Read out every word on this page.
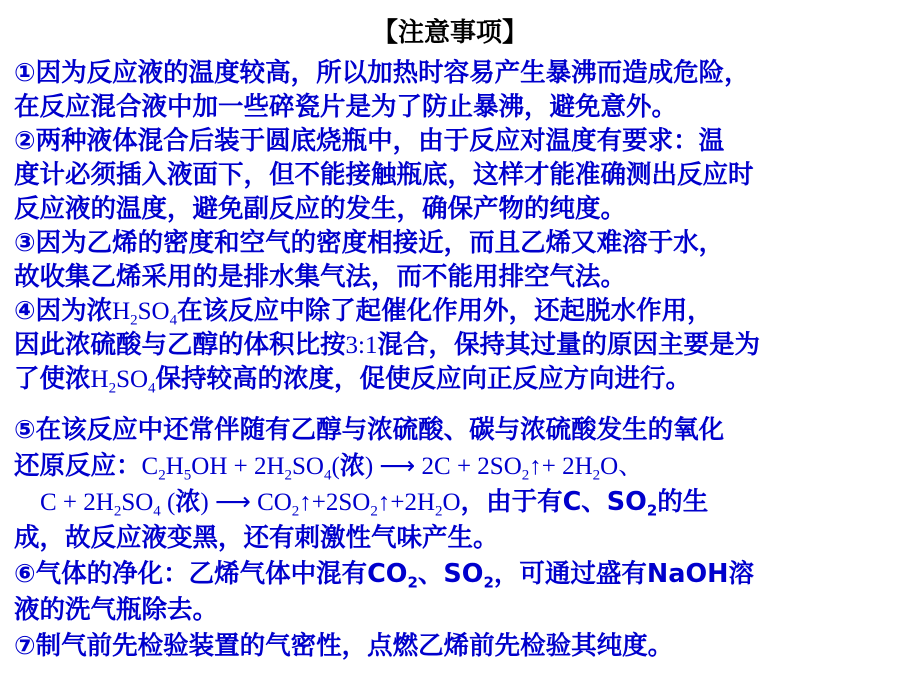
【注意事项】
①因为反应液的温度较高，所以加热时容易产生暴沸而造成危险，
在反应混合液中加一些碎瓷片是为了防止暴沸，避免意外。
②两种液体混合后装于圆底烧瓶中，由于反应对温度有要求：温
度计必须插入液面下，但不能接触瓶底，这样才能准确测出反应时
反应液的温度，避免副反应的发生，确保产物的纯度。
③因为乙烯的密度和空气的密度相接近，而且乙烯又难溶于水，
故收集乙烯采用的是排水集气法，而不能用排空气法。
④因为浓$H_2SO_4$在该反应中除了起催化作用外，还起脱水作用，
因此浓硫酸与乙醇的体积比按3:1混合，保持其过量的原因主要是为
了使浓$H_2SO_4$保持较高的浓度，促使反应向正反应方向进行。
⑤在该反应中还常伴随有乙醇与浓硫酸、碳与浓硫酸发生的氧化
还原反应：$C_2H_5OH + 2H_2SO_4$(浓) ⟶ $2C + 2SO_2↑+ 2H_2O$、
$C + 2H_2SO_4$ (浓) ⟶ $CO_2↑+2SO_2↑+2H_2O$，由于有C、$SO_2$的生
成，故反应液变黑，还有刺激性气味产生。
⑥气体的净化：乙烯气体中混有$CO_2$、$SO_2$，可通过盛有NaOH溶
液的洗气瓶除去。
⑦制气前先检验装置的气密性，点燃乙烯前先检验其纯度。
